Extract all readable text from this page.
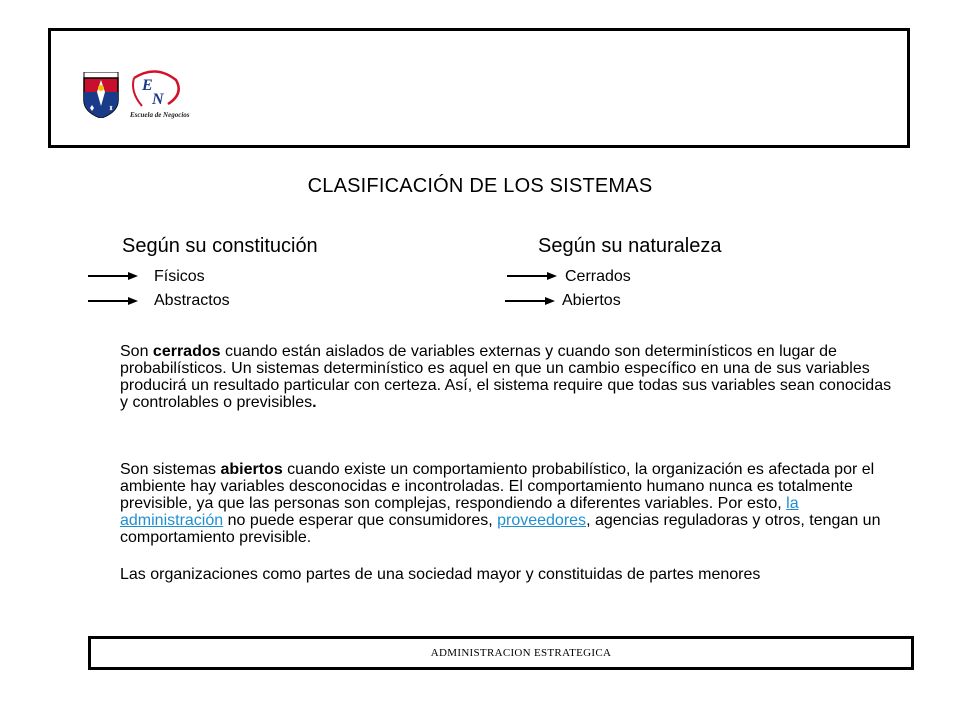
E
N
Escuela de Negocios
CLASIFICACIÓN DE LOS SISTEMAS
Según su constitución
Físicos
Abstractos
Según su naturaleza
Cerrados
Abiertos
Son cerrados cuando están aislados de variables externas y cuando son determinísticos en lugar de probabilísticos. Un sistemas determinístico es aquel en que un cambio específico en una de sus variables producirá un resultado particular con certeza. Así, el sistema require que todas sus variables sean conocidas y controlables o previsibles.
Son sistemas abiertos cuando existe un comportamiento probabilístico, la organización es afectada por el ambiente hay variables desconocidas e incontroladas. El comportamiento humano nunca es totalmente previsible, ya que las personas son complejas, respondiendo a diferentes variables. Por esto, la administración no puede esperar que consumidores, proveedores, agencias reguladoras y otros, tengan un comportamiento previsible.
Las organizaciones como partes de una sociedad mayor y constituidas de partes menores
ADMINISTRACION ESTRATEGICA
